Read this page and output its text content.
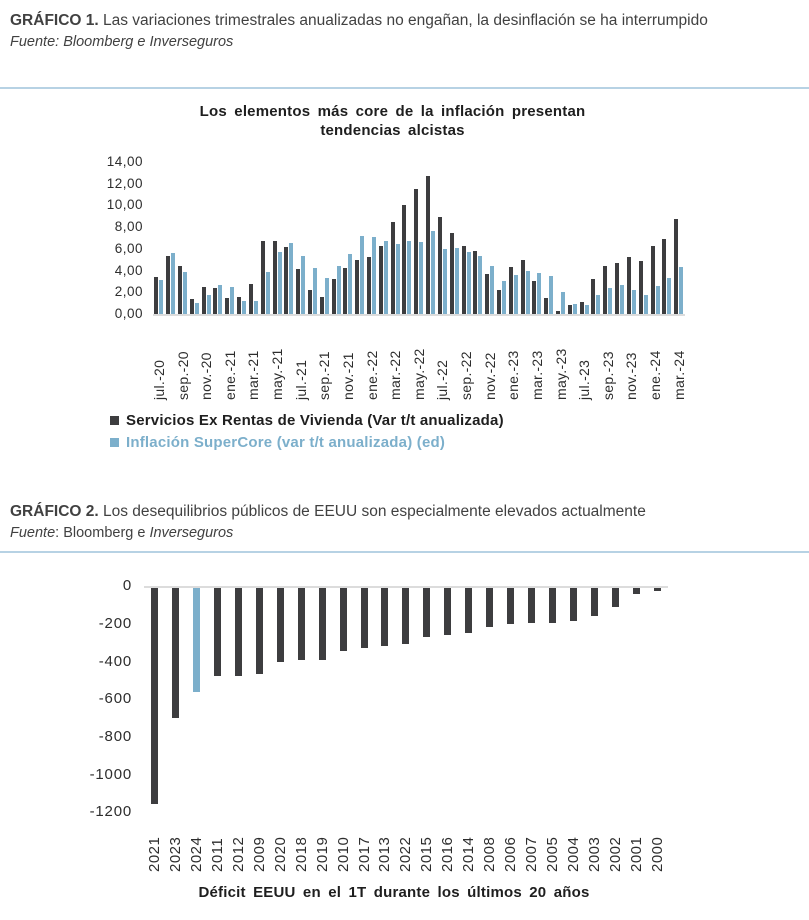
GRÁFICO 1. Las variaciones trimestrales anualizadas no engañan, la desinflación se ha interrumpido
Fuente: Bloomberg e Inverseguros
Los elementos más core de la inflación presentan
tendencias alcistas
14,00
12,00
10,00
8,00
6,00
4,00
2,00
0,00
jul.-20 sep.-20 nov.-20 ene.-21 mar.-21 may.-21 jul.-21 sep.-21 nov.-21 ene.-22 mar.-22 may.-22 jul.-22 sep.-22 nov.-22 ene.-23 mar.-23 may.-23 jul.-23 sep.-23 nov.-23 ene.-24 mar.-24
Servicios Ex Rentas de Vivienda (Var t/t anualizada)
Inflación SuperCore (var t/t anualizada) (ed)
GRÁFICO 2. Los desequilibrios públicos de EEUU son especialmente elevados actualmente
Fuente: Bloomberg e Inverseguros
0
-200
-400
-600
-800
-1000
-1200
2021 2023 2024 2011 2012 2009 2020 2018 2019 2010 2017 2013 2022 2015 2016 2014 2008 2006 2007 2005 2004 2003 2002 2001 2000
Déficit EEUU en el 1T durante los últimos 20 años
